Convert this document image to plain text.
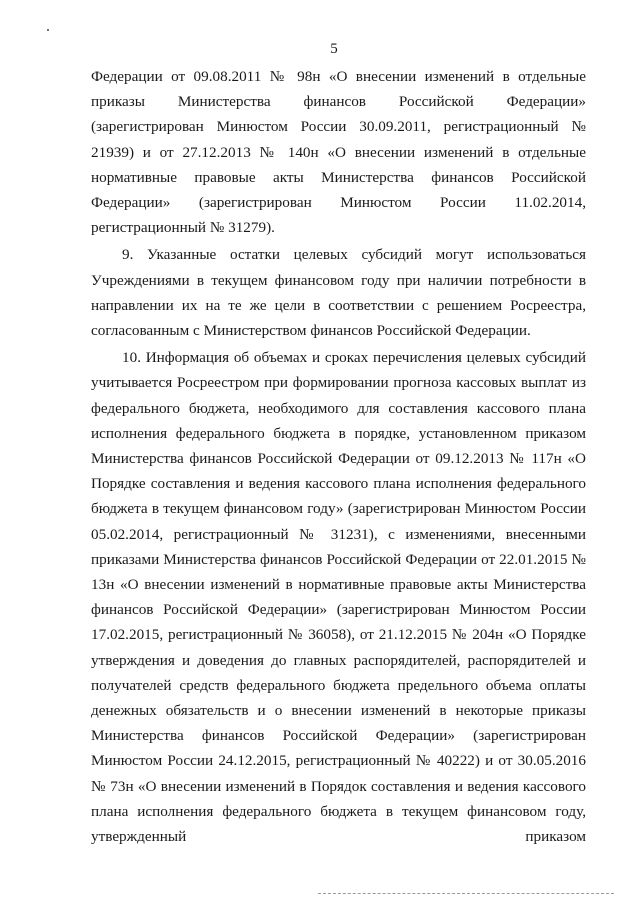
5

Федерации от 09.08.2011 № 98н «О внесении изменений в отдельные приказы Министерства финансов Российской Федерации» (зарегистрирован Минюстом России 30.09.2011, регистрационный № 21939) и от 27.12.2013 № 140н «О внесении изменений в отдельные нормативные правовые акты Министерства финансов Российской Федерации» (зарегистрирован Минюстом России 11.02.2014, регистрационный № 31279).

9. Указанные остатки целевых субсидий могут использоваться Учреждениями в текущем финансовом году при наличии потребности в направлении их на те же цели в соответствии с решением Росреестра, согласованным с Министерством финансов Российской Федерации.

10. Информация об объемах и сроках перечисления целевых субсидий учитывается Росреестром при формировании прогноза кассовых выплат из федерального бюджета, необходимого для составления кассового плана исполнения федерального бюджета в порядке, установленном приказом Министерства финансов Российской Федерации от 09.12.2013 № 117н «О Порядке составления и ведения кассового плана исполнения федерального бюджета в текущем финансовом году» (зарегистрирован Минюстом России 05.02.2014, регистрационный № 31231), с изменениями, внесенными приказами Министерства финансов Российской Федерации от 22.01.2015 № 13н «О внесении изменений в нормативные правовые акты Министерства финансов Российской Федерации» (зарегистрирован Минюстом России 17.02.2015, регистрационный № 36058), от 21.12.2015 № 204н «О Порядке утверждения и доведения до главных распорядителей, распорядителей и получателей средств федерального бюджета предельного объема оплаты денежных обязательств и о внесении изменений в некоторые приказы Министерства финансов Российской Федерации» (зарегистрирован Минюстом России 24.12.2015, регистрационный № 40222) и от 30.05.2016 № 73н «О внесении изменений в Порядок составления и ведения кассового плана исполнения федерального бюджета в текущем финансовом году, утвержденный приказом
